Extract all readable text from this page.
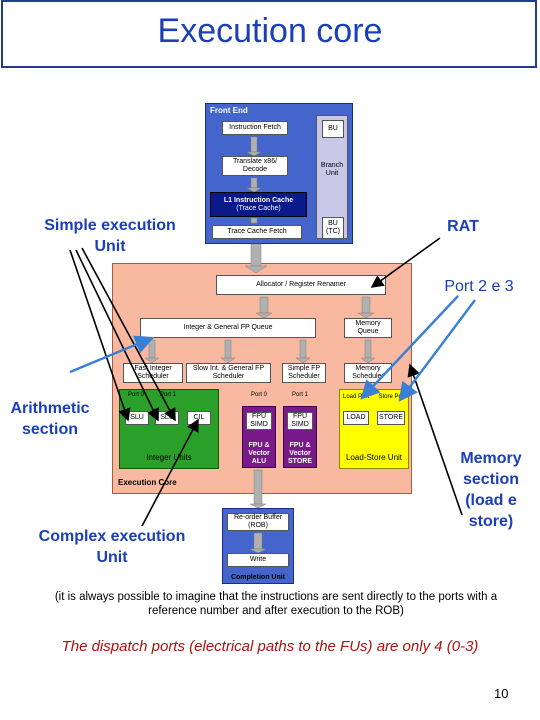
Execution core
Front End
Instruction Fetch
Translate x86/ Decode
L1 Instruction Cache
(Trace Cache)
Trace Cache Fetch
BU
Branch Unit
BU (TC)
Allocator / Register Renamer
Integer & General FP Queue
Memory Queue
Fast Integer Scheduler
Slow Int. & General FP Scheduler
Simple FP Scheduler
Memory Scheduler
Port 0	Port 1
SLU	SLU	CIL
Integer Units
Port 0	Port 1
FPU SIMD
FPU SIMD
FPU & Vector ALU
FPU & Vector STORE
Load Port	Store Port
LOAD	STORE
Load-Store Unit
Execution Core
Re-order Buffer
(ROB)
Write
Completion Unit
Simple execution Unit
RAT
Port 2 e 3
Arithmetic section
Memory section (load e store)
Complex execution Unit
(it is always possible to imagine that the instructions are sent directly to the ports with a reference number and after execution to the ROB)
The dispatch ports (electrical paths to the FUs) are only 4 (0-3)
10
